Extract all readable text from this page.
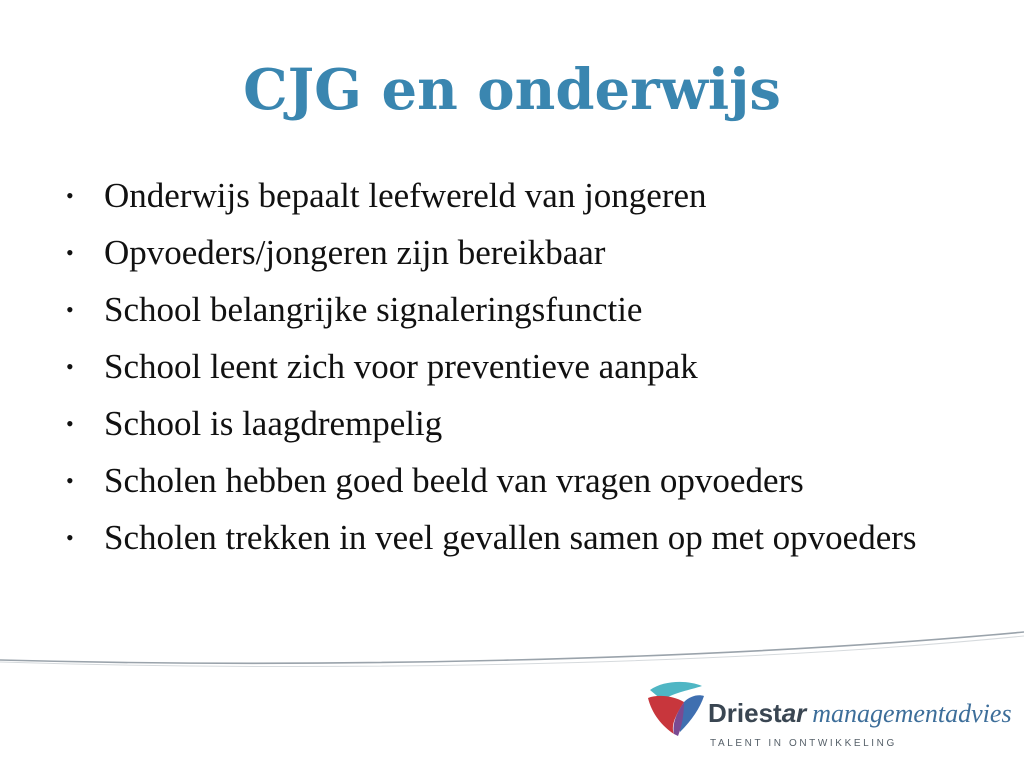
CJG en onderwijs
• Onderwijs bepaalt leefwereld van jongeren
• Opvoeders/jongeren zijn bereikbaar
• School belangrijke signaleringsfunctie
• School leent zich voor preventieve aanpak
• School is laagdrempelig
• Scholen hebben goed beeld van vragen opvoeders
• Scholen trekken in veel gevallen samen op met opvoeders
Driestar managementadvies
TALENT IN ONTWIKKELING
